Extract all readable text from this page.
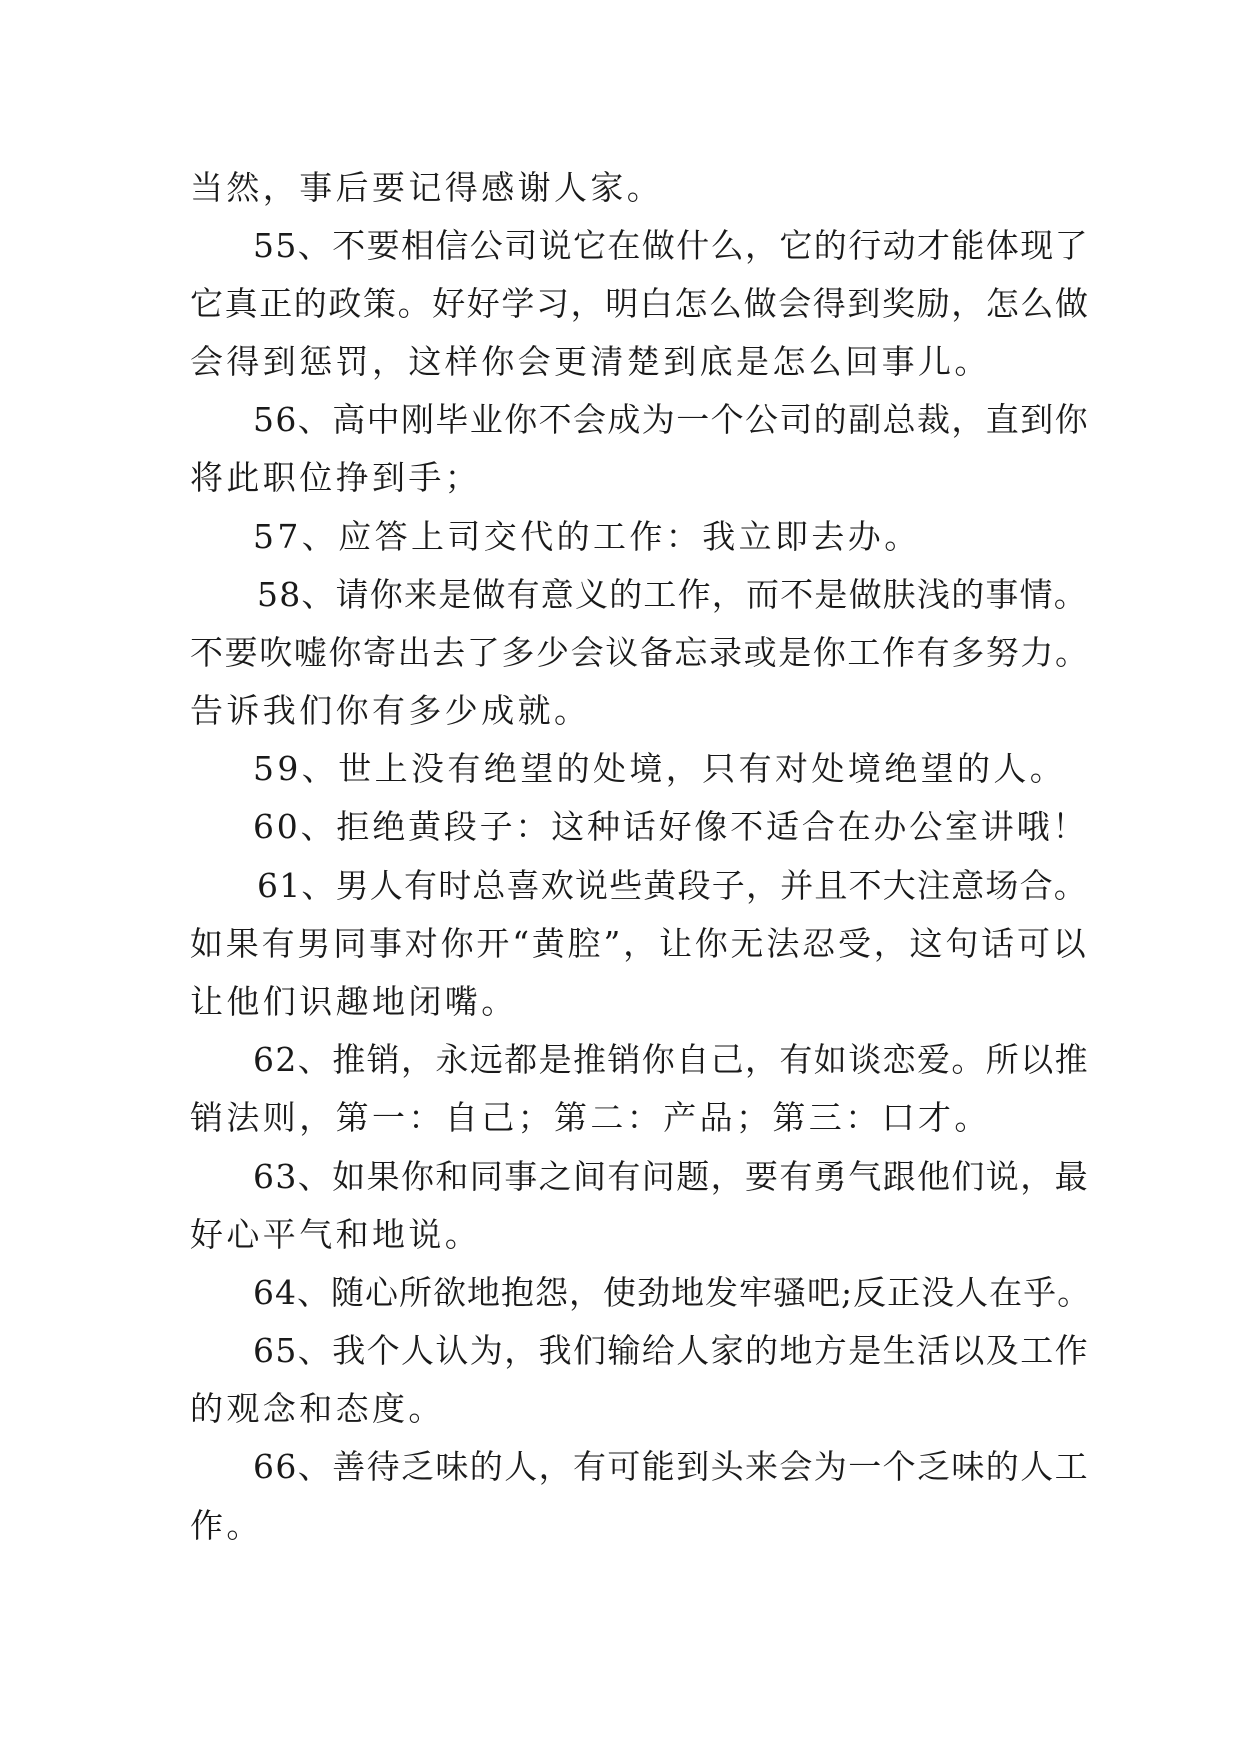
当然，事后要记得感谢人家。
55、不要相信公司说它在做什么，它的行动才能体现了
它真正的政策。好好学习，明白怎么做会得到奖励，怎么做
会得到惩罚，这样你会更清楚到底是怎么回事儿。
56、高中刚毕业你不会成为一个公司的副总裁，直到你
将此职位挣到手；
57、应答上司交代的工作：我立即去办。
58、请你来是做有意义的工作，而不是做肤浅的事情。
不要吹嘘你寄出去了多少会议备忘录或是你工作有多努力。
告诉我们你有多少成就。
59、世上没有绝望的处境，只有对处境绝望的人。
60、拒绝黄段子：这种话好像不适合在办公室讲哦！
61、男人有时总喜欢说些黄段子，并且不大注意场合。
如果有男同事对你开“黄腔”，让你无法忍受，这句话可以
让他们识趣地闭嘴。
62、推销，永远都是推销你自己，有如谈恋爱。所以推
销法则，第一：自己；第二：产品；第三：口才。
63、如果你和同事之间有问题，要有勇气跟他们说，最
好心平气和地说。
64、随心所欲地抱怨，使劲地发牢骚吧;反正没人在乎。
65、我个人认为，我们输给人家的地方是生活以及工作
的观念和态度。
66、善待乏味的人，有可能到头来会为一个乏味的人工
作。
